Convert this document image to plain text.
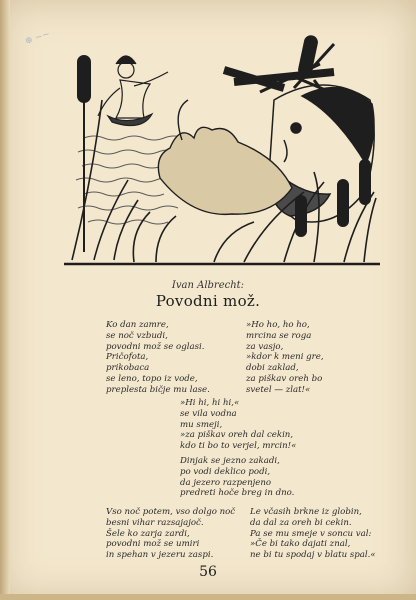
⊛ ~~
Ivan Albrecht:
Povodni mož.
Ko dan zamre,
se noč vzbudi,
povodni mož se oglasi.
Pričofota,
prikobaca
se leno, topo iz vode,
preplesta bičje mu lase.
»Ho ho, ho ho,
mrcina se roga
za vasjo,
»kdor k meni gre,
dobi zaklad,
za piškav oreh bo
svetel — zlat!«
»Hi hi, hi hi,«
se vila vodna
mu smeji,
»za piškav oreh dal cekin,
kdo ti bo to verjel, mrcin!«
Dinjak se jezno zakadi,
po vodi deklico podi,
da jezero razpenjeno
predreti hoče breg in dno.
Vso noč potem, vso dolgo noč
besni vihar razsajajoč.
Šele ko zarja zardi,
povodni mož se umiri
in spehan v jezeru zaspi.
Le včasih brkne iz globin,
da dal za oreh bi cekin.
Pa se mu smeje v soncu val:
»Če bi tako dajati znal,
ne bi tu spodaj v blatu spal.«
56
